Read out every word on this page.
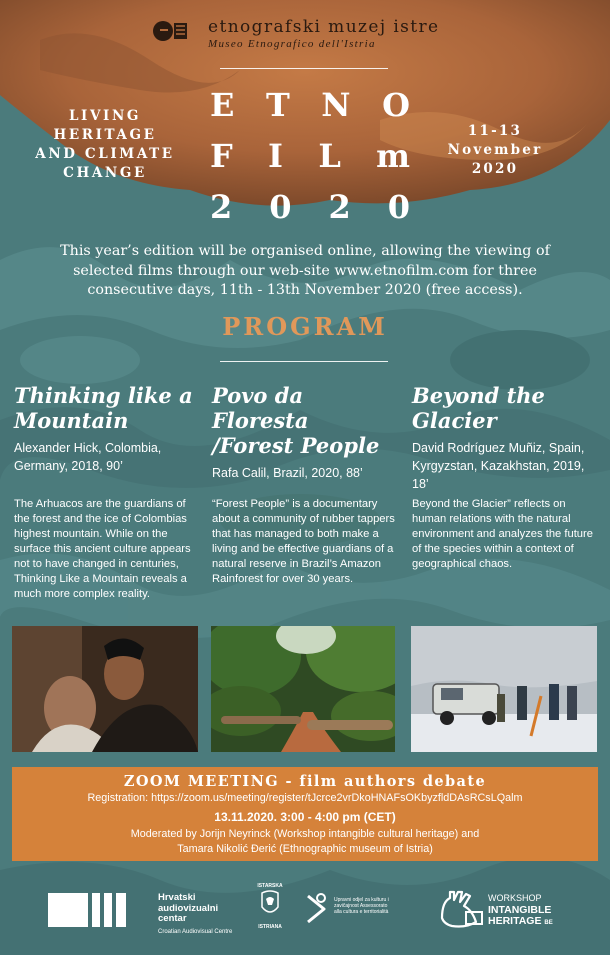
etnografski muzej istre
Museo Etnografico dell'Istria
LIVING
HERITAGE
AND CLIMATE
CHANGE
E T N O
F I L m
2 0 2 0
11-13
November
2020
This year’s edition will be organised online, allowing the viewing of selected films through our web-site www.etnofilm.com for three consecutive days, 11th - 13th November 2020 (free access).
PROGRAM
Thinking like a Mountain
Alexander Hick, Colombia, Germany, 2018, 90’
The Arhuacos are the guardians of the forest and the ice of Colombias highest mountain. While on the surface this ancient culture appears not to have changed in centuries, Thinking Like a Mountain reveals a much more complex reality.
Povo da Floresta /Forest People
Rafa Calil, Brazil, 2020, 88’
“Forest People” is a documentary about a community of rubber tappers that has managed to both make a living and be effective guardians of a natural reserve in Brazil’s Amazon Rainforest for over 30 years.
Beyond the Glacier
David Rodríguez Muñiz, Spain, Kyrgyzstan, Kazakhstan, 2019, 18’
Beyond the Glacier” reflects on human relations with the natural environment and analyzes the future of the species within a context of geographical chaos.
ZOOM MEETING - film authors debate
Registration: https://zoom.us/meeting/register/tJcrce2vrDkoHNAFsOKbyzfldDAsRCsLQalm
13.11.2020. 3:00 - 4:00 pm (CET)
Moderated by Jorijn Neyrinck (Workshop intangible cultural heritage) and
Tamara Nikolić Đerić (Ethnographic museum of Istria)
Hrvatski
audiovizualni
centar
Croatian Audiovisual Centre
ISTARSKA
ISTRIANA
Upravni odjel za kulturu i zavičajnost Assessorato alla cultura e territorialità
WORKSHOP
INTANGIBLE
HERITAGE BE
